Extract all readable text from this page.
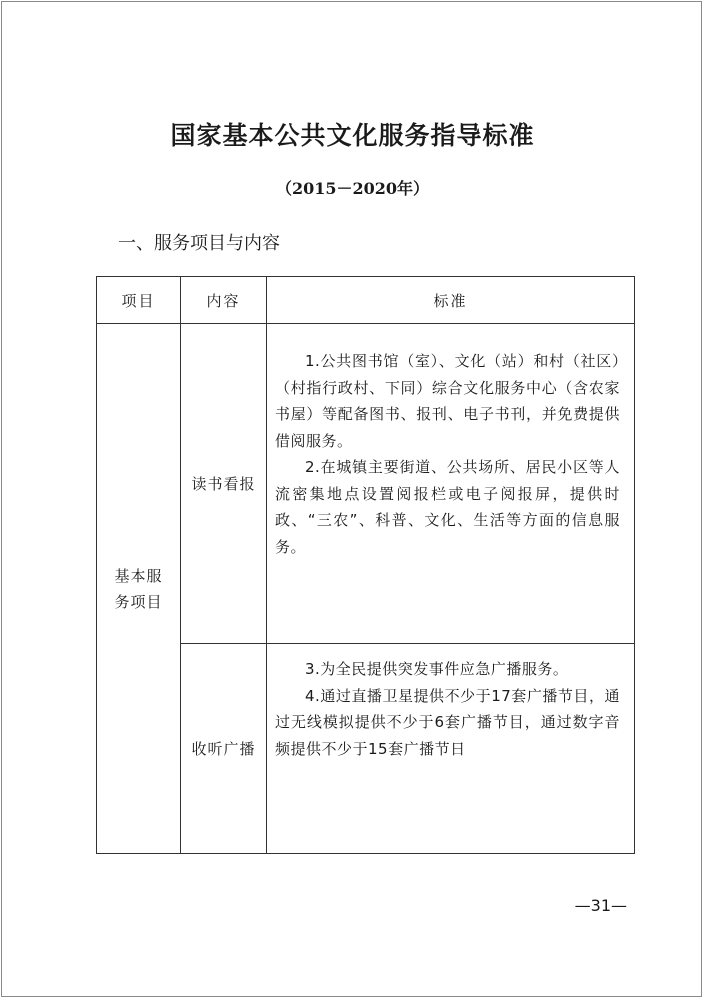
国家基本公共文化服务指导标准
（2015－2020年）
一、服务项目与内容
项目	内容	标准
基本服务项目	读书看报	1.公共图书馆（室）、文化（站）和村（社区）（村指行政村、下同）综合文化服务中心（含农家书屋）等配备图书、报刊、电子书刊，并免费提供借阅服务。

2.在城镇主要街道、公共场所、居民小区等人流密集地点设置阅报栏或电子阅报屏，提供时政、“三农”、科普、文化、生活等方面的信息服务。

	收听广播	3.为全民提供突发事件应急广播服务。

4.通过直播卫星提供不少于17套广播节目，通过无线模拟提供不少于6套广播节目，通过数字音频提供不少于15套广播节日

—31—
